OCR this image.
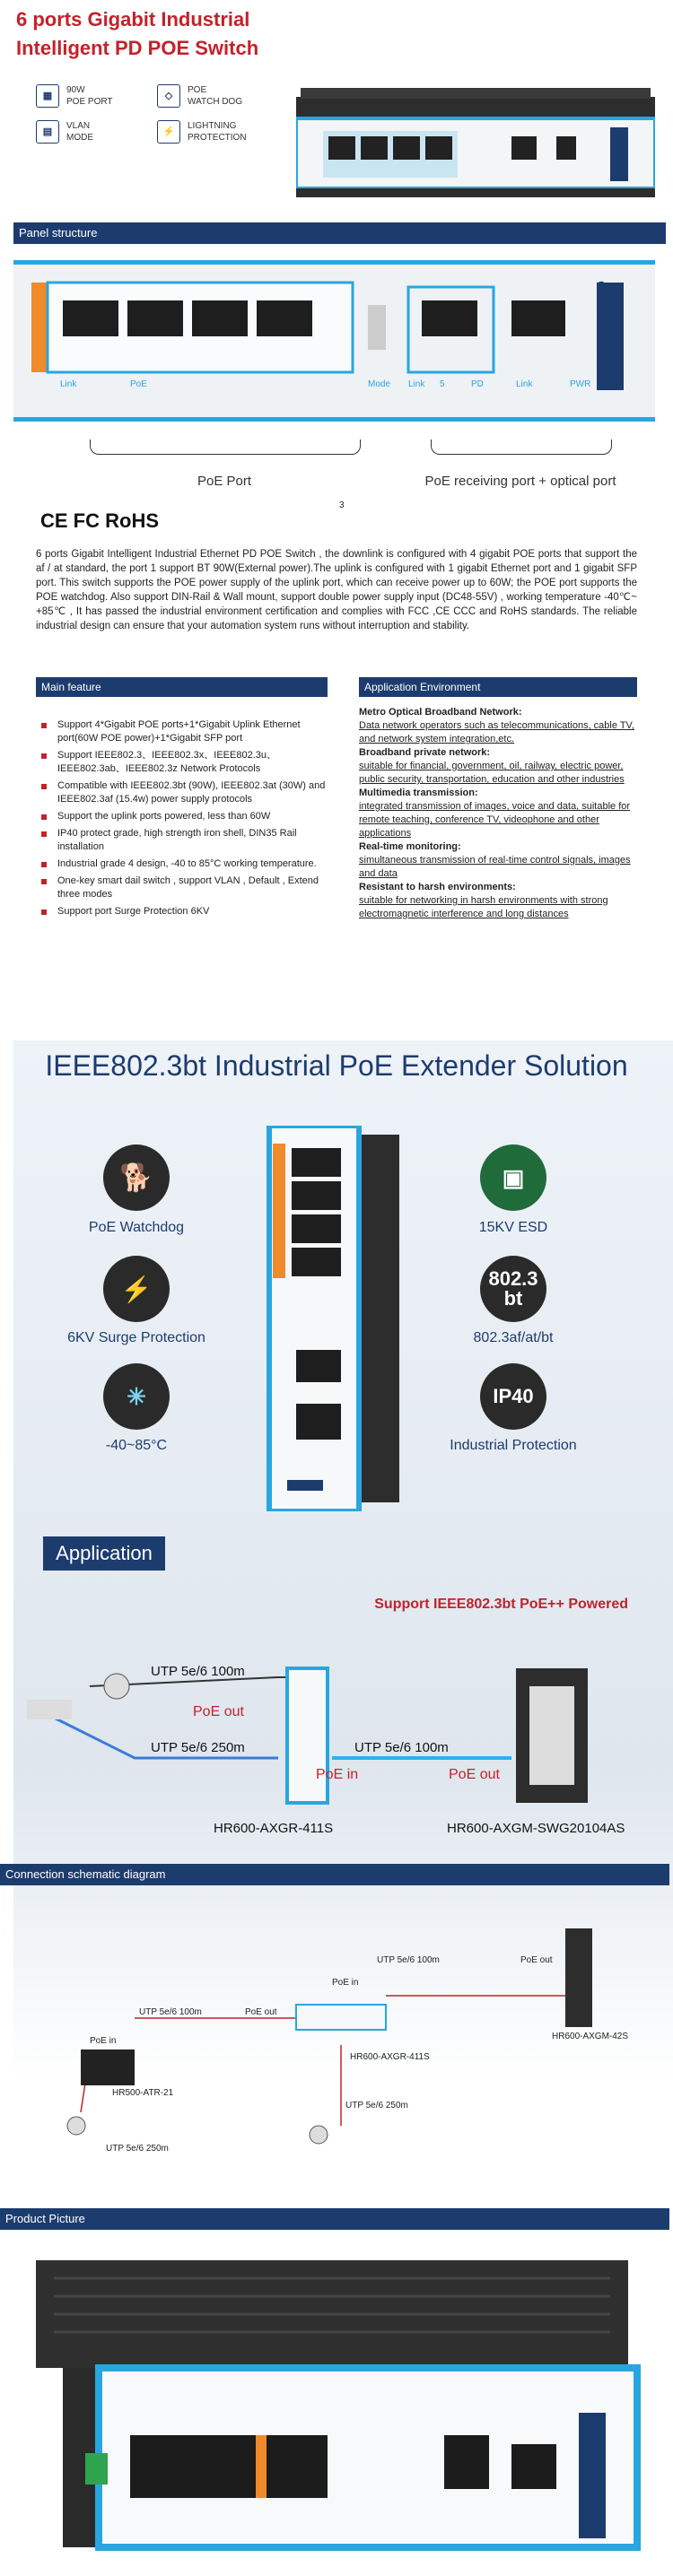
6 ports Gigabit Industrial Intelligent PD POE Switch
▦	90W
POE PORT
◇	POE
WATCH DOG
▤	VLAN
MODE
⚡	LIGHTNING
PROTECTION
Panel structure
Link	PoE	Mode Link 5	PD	Link	PWR
Industrial PoE Switch
PoE Port	PoE receiving port + optical port
3
CE FC RoHS
6 ports Gigabit Intelligent Industrial Ethernet PD POE Switch , the downlink is configured with 4 gigabit POE ports that support the af / at standard, the port 1 support BT 90W(External power).The uplink is configured with 1 gigabit Ethernet port and 1 gigabit SFP port. This switch supports the POE power supply of the uplink port, which can receive power up to 60W; the POE port supports the POE watchdog. Also support DIN-Rail & Wall mount, support double power supply input (DC48-55V) , working temperature -40℃~ +85℃ , It has passed the industrial environment certification and complies with FCC ,CE CCC and RoHS standards. The reliable industrial design can ensure that your automation system runs without interruption and stability.
Main feature
Support 4*Gigabit POE ports+1*Gigabit Uplink Ethernet port(60W POE power)+1*Gigabit SFP port
Support IEEE802.3、IEEE802.3x、IEEE802.3u、IEEE802.3ab、IEEE802.3z Network Protocols
Compatible with IEEE802.3bt (90W), IEEE802.3at (30W) and IEEE802.3af (15.4w) power supply protocols
Support the uplink ports powered, less than 60W
IP40 protect grade, high strength iron shell, DIN35 Rail installation
Industrial grade 4 design, -40 to 85°C working temperature.
One-key smart dail switch , support VLAN , Default , Extend three modes
Support port Surge Protection 6KV
Application Environment
Metro Optical Broadband Network:
Data network operators such as telecommunications, cable TV, and network system integration,etc.
Broadband private network:
suitable for financial, government, oil, railway, electric power, public security, transportation, education and other industries
Multimedia transmission:
integrated transmission of images, voice and data, suitable for remote teaching, conference TV, videophone and other applications
Real-time monitoring:
simultaneous transmission of real-time control signals, images and data
Resistant to harsh environments:
suitable for networking in harsh environments with strong electromagnetic interference and long distances
IEEE802.3bt Industrial PoE Extender Solution
🐕
PoE Watchdog
▣
15KV ESD
⚡
6KV Surge Protection
802.3 bt
802.3af/at/bt
✳
-40~85°C
IP40
Industrial Protection
Application
Support IEEE802.3bt PoE++ Powered
UTP 5e/6 100m
PoE out
UTP 5e/6 250m	UTP 5e/6 100m
PoE in	PoE out
HR600-AXGR-411S	HR600-AXGM-SWG20104AS
Connection schematic diagram
PoE in
UTP 5e/6 100m	PoE out
HR600-AXGM-42S
UTP 5e/6 100m	PoE out
PoE in
HR600-AXGR-411S
HR500-ATR-21
UTP 5e/6 250m
UTP 5e/6 250m
Product Picture
